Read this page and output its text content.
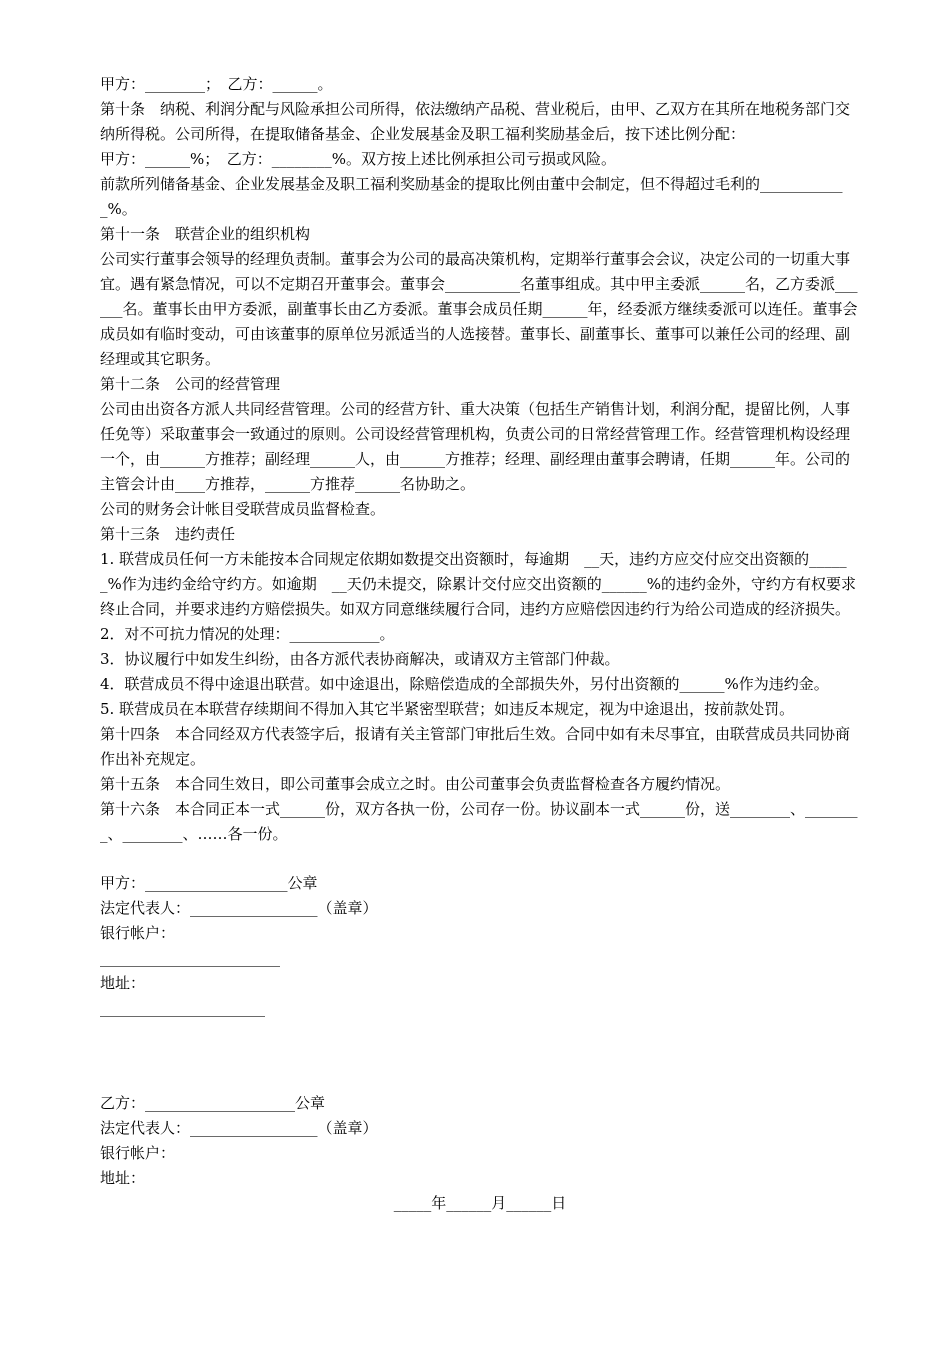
甲方：________；　乙方：______。

第十条　纳税、利润分配与风险承担公司所得，依法缴纳产品税、营业税后，由甲、乙双方在其所在地税务部门交纳所得税。公司所得，在提取储备基金、企业发展基金及职工福利奖励基金后，按下述比例分配：

甲方：______%；　乙方：________%。双方按上述比例承担公司亏损或风险。

前款所列储备基金、企业发展基金及职工福利奖励基金的提取比例由董中会制定，但不得超过毛利的____________%。

第十一条　联营企业的组织机构

公司实行董事会领导的经理负责制。董事会为公司的最高决策机构，定期举行董事会会议，决定公司的一切重大事宜。遇有紧急情况，可以不定期召开董事会。董事会__________名董事组成。其中甲主委派______名，乙方委派______名。董事长由甲方委派，副董事长由乙方委派。董事会成员任期______年，经委派方继续委派可以连任。董事会成员如有临时变动，可由该董事的原单位另派适当的人选接替。董事长、副董事长、董事可以兼任公司的经理、副经理或其它职务。

第十二条　公司的经营管理

公司由出资各方派人共同经营管理。公司的经营方针、重大决策（包括生产销售计划，利润分配，提留比例，人事任免等）采取董事会一致通过的原则。公司设经营管理机构，负责公司的日常经营管理工作。经营管理机构设经理一个，由______方推荐；副经理______人，由______方推荐；经理、副经理由董事会聘请，任期______年。公司的主管会计由____方推荐，______方推荐______名协助之。

公司的财务会计帐目受联营成员监督检查。

第十三条　违约责任

1. 联营成员任何一方未能按本合同规定依期如数提交出资额时，每逾期　__天，违约方应交付应交出资额的______%作为违约金给守约方。如逾期　__天仍未提交，除累计交付应交出资额的______%的违约金外，守约方有权要求终止合同，并要求违约方赔偿损失。如双方同意继续履行合同，违约方应赔偿因违约行为给公司造成的经济损失。

2．对不可抗力情况的处理：____________。

3．协议履行中如发生纠纷，由各方派代表协商解决，或请双方主管部门仲裁。

4．联营成员不得中途退出联营。如中途退出，除赔偿造成的全部损失外，另付出资额的______%作为违约金。

5. 联营成员在本联营存续期间不得加入其它半紧密型联营；如违反本规定，视为中途退出，按前款处罚。

第十四条　本合同经双方代表签字后，报请有关主管部门审批后生效。合同中如有未尽事宜，由联营成员共同协商作出补充规定。

第十五条　本合同生效日，即公司董事会成立之时。由公司董事会负责监督检查各方履约情况。

第十六条　本合同正本一式______份，双方各执一份，公司存一份。协议副本一式______份，送________、________、________、……各一份。

甲方：___________________公章

法定代表人：_________________（盖章）

银行帐户：

________________________

地址：

______________________

乙方：____________________公章

法定代表人：_________________（盖章）

银行帐户：

地址：

_____年______月______日
